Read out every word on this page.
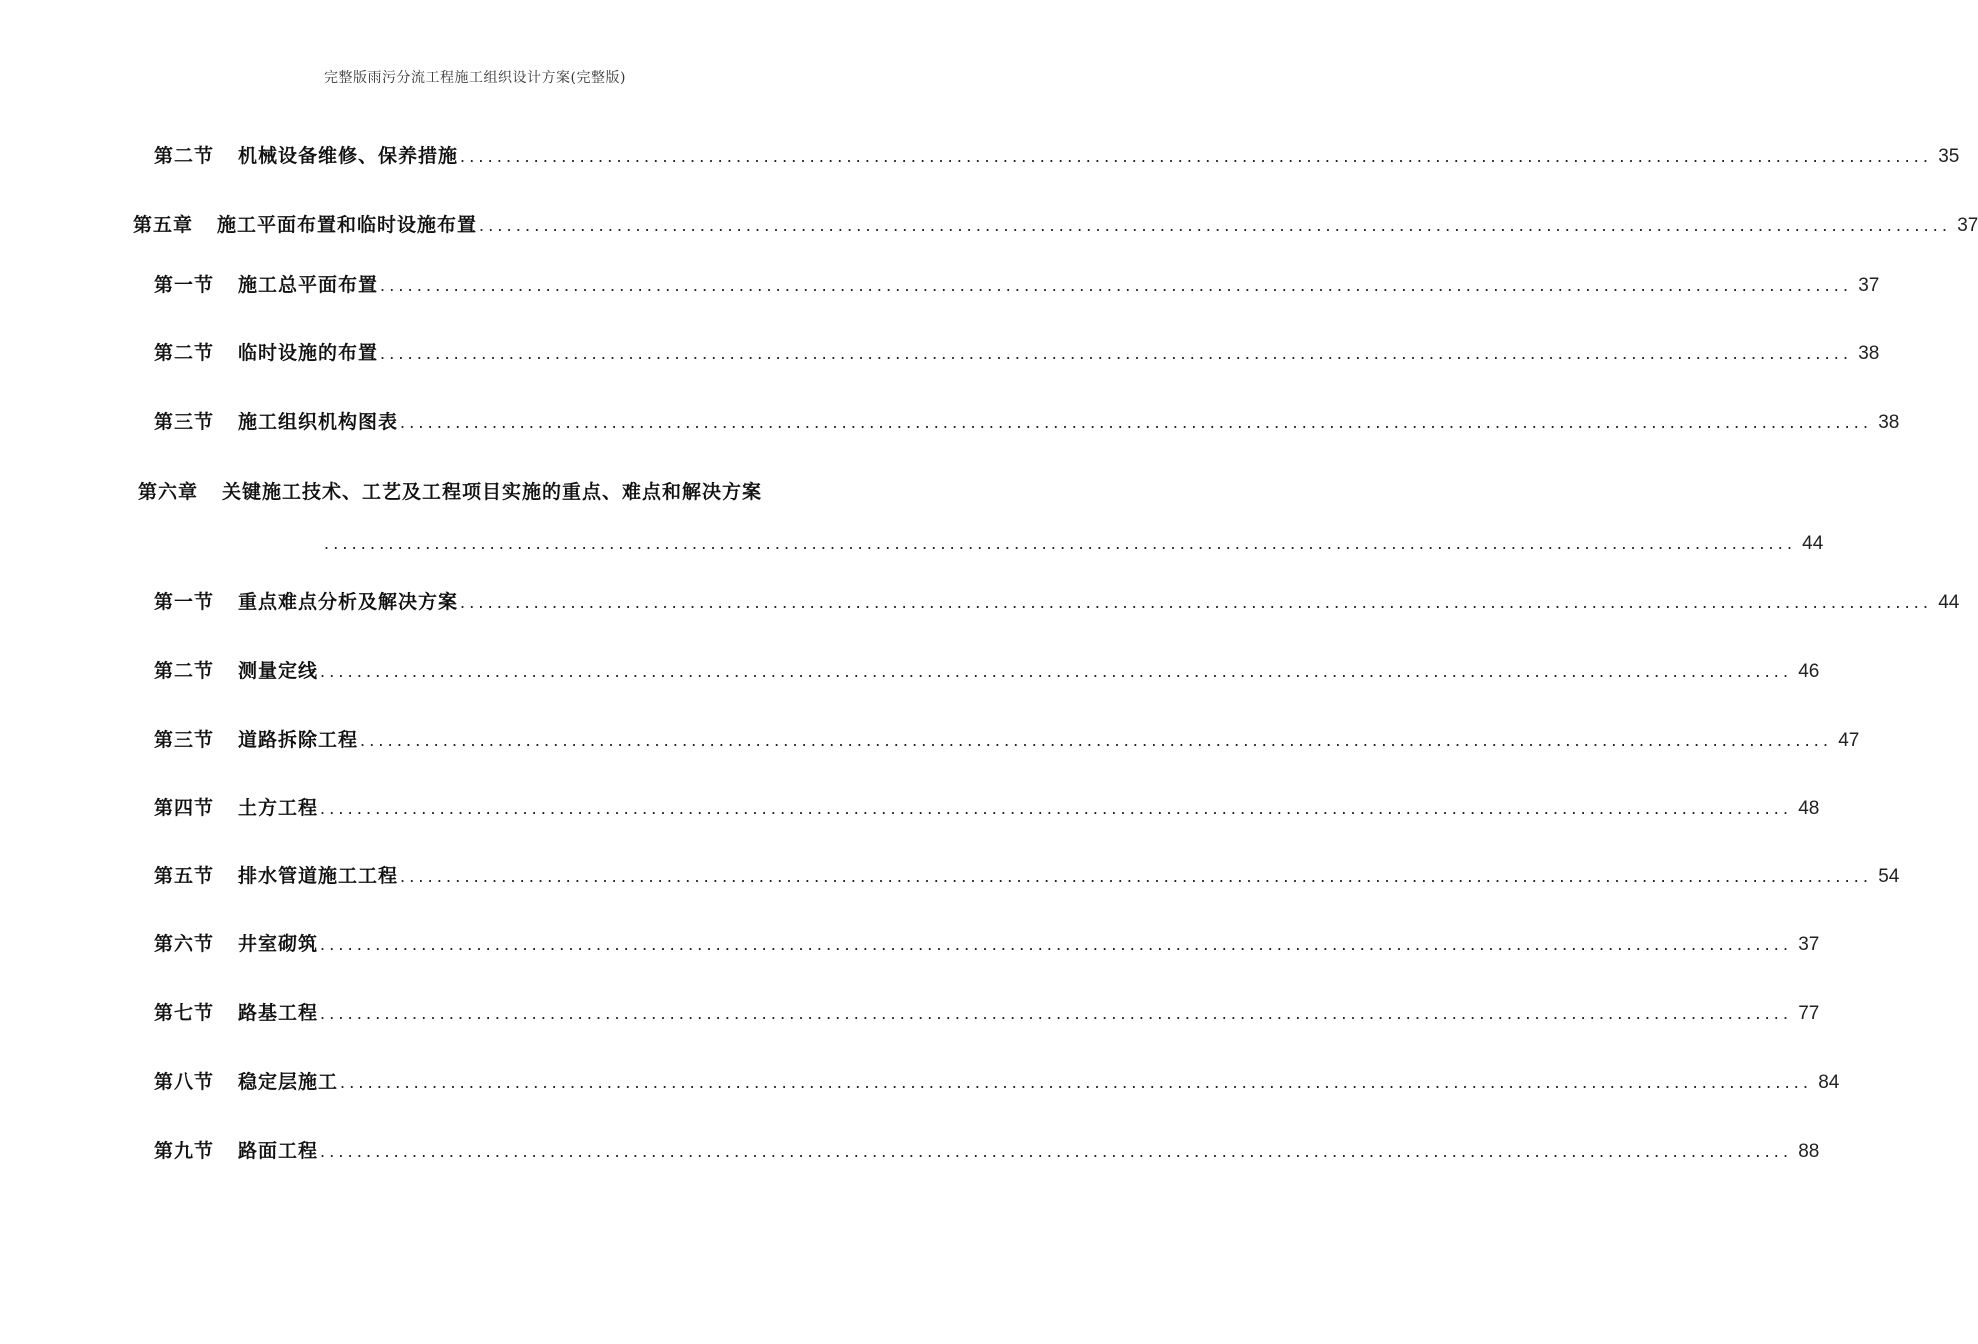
完整版雨污分流工程施工组织设计方案(完整版)
第二节 机械设备维修、保养措施 ................................................................................................................................................................ 35
第五章 施工平面布置和临时设施布置 ................................................................................................................................................................ 37
第一节 施工总平面布置 ................................................................................................................................................................ 37
第二节 临时设施的布置 ................................................................................................................................................................ 38
第三节 施工组织机构图表 ................................................................................................................................................................ 38
第六章 关键施工技术、工艺及工程项目实施的重点、难点和解决方案
................................................................................................................................................................ 44
第一节 重点难点分析及解决方案 ................................................................................................................................................................ 44
第二节 测量定线 ................................................................................................................................................................ 46
第三节 道路拆除工程 ................................................................................................................................................................ 47
第四节 土方工程 ................................................................................................................................................................ 48
第五节 排水管道施工工程 ................................................................................................................................................................ 54
第六节 井室砌筑 ................................................................................................................................................................ 37
第七节 路基工程 ................................................................................................................................................................ 77
第八节 稳定层施工 ................................................................................................................................................................ 84
第九节 路面工程 ................................................................................................................................................................ 88
